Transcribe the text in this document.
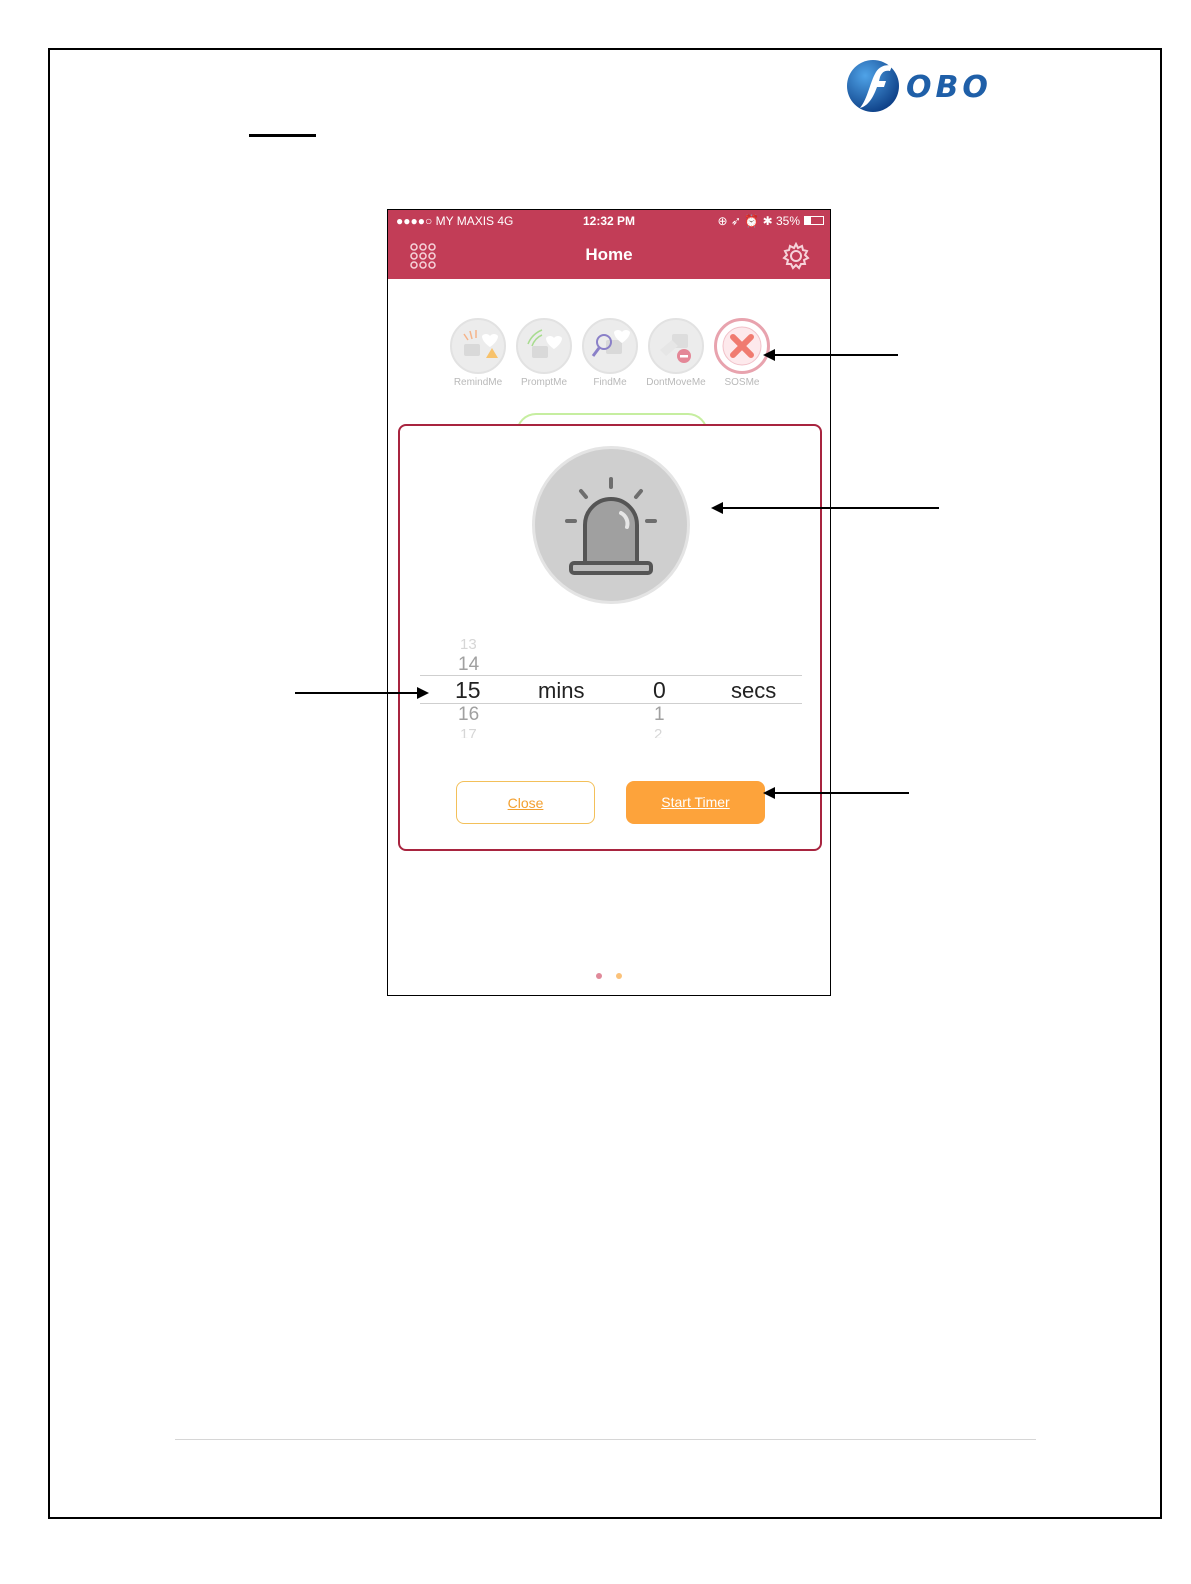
OBO
●●●●○ MY MAXIS 4G	12:32 PM	⊕ ➶ ⏰ ✱ 35%
Home
RemindMe	PromptMe	FindMe	DontMoveMe	SOSMe
13
14
15
16
17
mins	0
1
2
secs
Close	Start Timer
